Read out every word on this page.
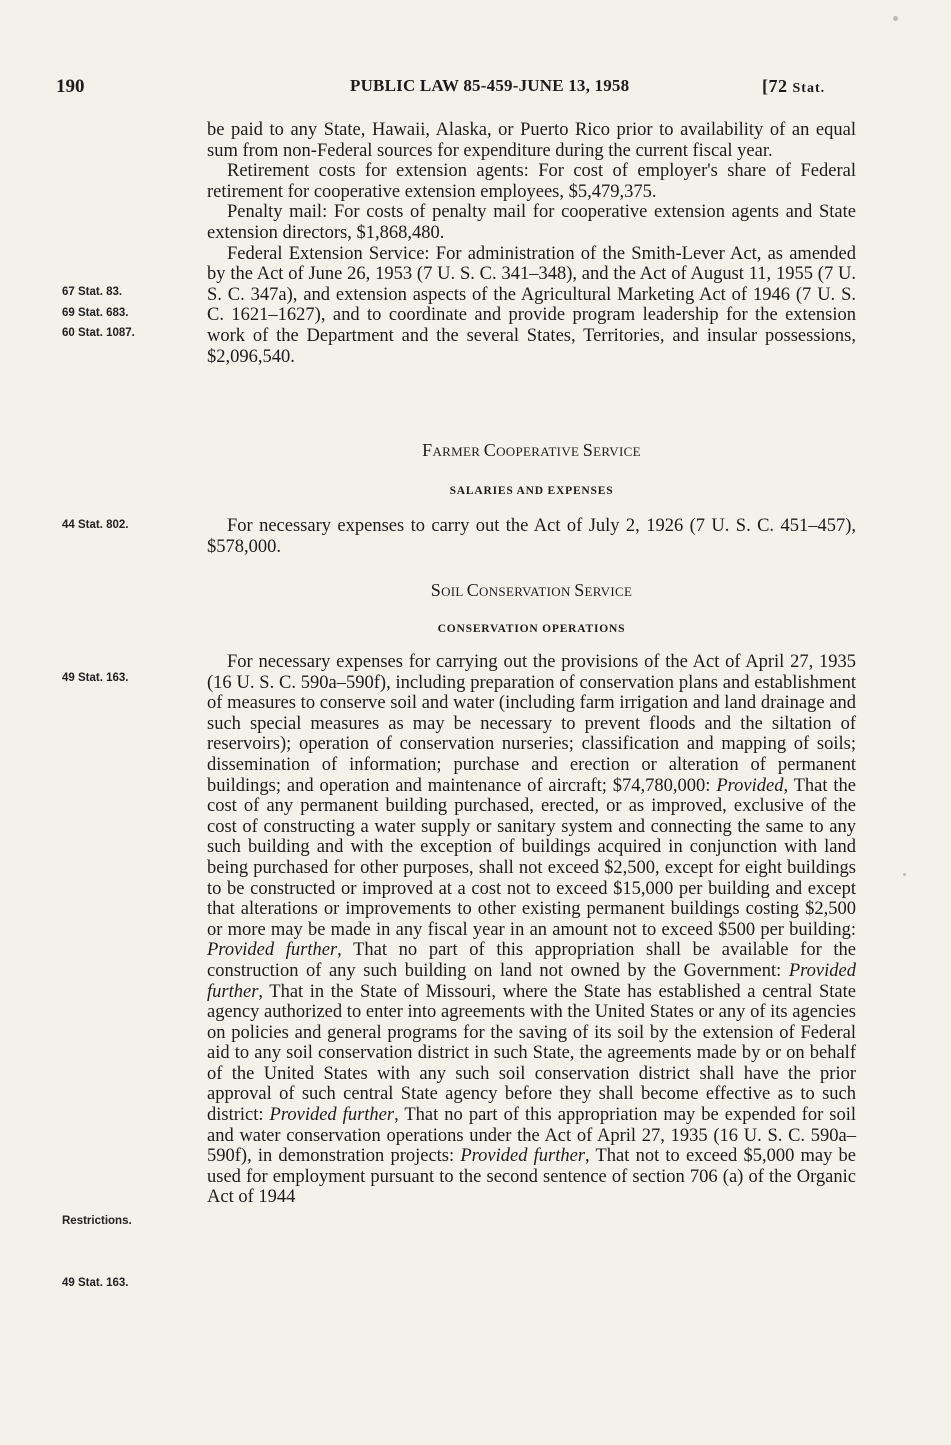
190	PUBLIC LAW 85-459-JUNE 13, 1958	[72 Stat.
67 Stat. 83.
69 Stat. 683.
60 Stat. 1087.
44 Stat. 802.
49 Stat. 163.
Restrictions.
49 Stat. 163.

be paid to any State, Hawaii, Alaska, or Puerto Rico prior to availability of an equal sum from non-Federal sources for expenditure during the current fiscal year.

Retirement costs for extension agents: For cost of employer's share of Federal retirement for cooperative extension employees, $5,479,375.

Penalty mail: For costs of penalty mail for cooperative extension agents and State extension directors, $1,868,480.

Federal Extension Service: For administration of the Smith-Lever Act, as amended by the Act of June 26, 1953 (7 U. S. C. 341–348), and the Act of August 11, 1955 (7 U. S. C. 347a), and extension aspects of the Agricultural Marketing Act of 1946 (7 U. S. C. 1621–1627), and to coordinate and provide program leadership for the extension work of the Department and the several States, Territories, and insular possessions, $2,096,540.

FARMER COOPERATIVE SERVICE
SALARIES AND EXPENSES

For necessary expenses to carry out the Act of July 2, 1926 (7 U. S. C. 451–457), $578,000.

SOIL CONSERVATION SERVICE
CONSERVATION OPERATIONS

For necessary expenses for carrying out the provisions of the Act of April 27, 1935 (16 U. S. C. 590a–590f), including preparation of conservation plans and establishment of measures to conserve soil and water (including farm irrigation and land drainage and such special measures as may be necessary to prevent floods and the siltation of reservoirs); operation of conservation nurseries; classification and mapping of soils; dissemination of information; purchase and erection or alteration of permanent buildings; and operation and maintenance of aircraft; $74,780,000: Provided, That the cost of any permanent building purchased, erected, or as improved, exclusive of the cost of constructing a water supply or sanitary system and connecting the same to any such building and with the exception of buildings acquired in conjunction with land being purchased for other purposes, shall not exceed $2,500, except for eight buildings to be constructed or improved at a cost not to exceed $15,000 per building and except that alterations or improvements to other existing permanent buildings costing $2,500 or more may be made in any fiscal year in an amount not to exceed $500 per building: Provided further, That no part of this appropriation shall be available for the construction of any such building on land not owned by the Government: Provided further, That in the State of Missouri, where the State has established a central State agency authorized to enter into agreements with the United States or any of its agencies on policies and general programs for the saving of its soil by the extension of Federal aid to any soil conservation district in such State, the agreements made by or on behalf of the United States with any such soil conservation district shall have the prior approval of such central State agency before they shall become effective as to such district: Provided further, That no part of this appropriation may be expended for soil and water conservation operations under the Act of April 27, 1935 (16 U. S. C. 590a–590f), in demonstration projects: Provided further, That not to exceed $5,000 may be used for employment pursuant to the second sentence of section 706 (a) of the Organic Act of 1944
